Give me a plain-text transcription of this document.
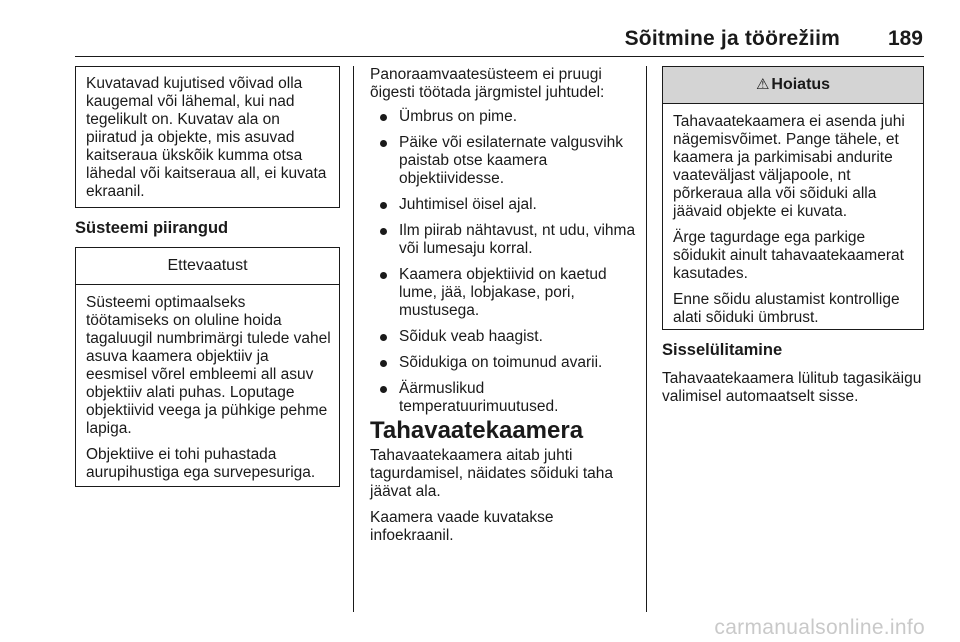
Sõitmine ja töörežiim 189

Kuvatavad kujutised võivad olla kaugemal või lähemal, kui nad tegelikult on. Kuvatav ala on piiratud ja objekte, mis asuvad kaitseraua ükskõik kumma otsa lähedal või kaitseraua all, ei kuvata ekraanil.

Süsteemi piirangud
Ettevaatust

Süsteemi optimaalseks töötamiseks on oluline hoida tagaluugil numbrimärgi tulede vahel asuva kaamera objektiiv ja eesmisel võrel embleemi all asuv objektiiv alati puhas. Loputage objektiivid veega ja pühkige pehme lapiga.

Objektiive ei tohi puhastada aurupihustiga ega survepesuriga.

Panoraamvaatesüsteem ei pruugi õigesti töötada järgmistel juhtudel:

Ümbrus on pime.
Päike või esilaternate valgusvihk paistab otse kaamera objektiividesse.
Juhtimisel öisel ajal.
Ilm piirab nähtavust, nt udu, vihma või lumesaju korral.
Kaamera objektiivid on kaetud lume, jää, lobjakase, pori, mustusega.
Sõiduk veab haagist.
Sõidukiga on toimunud avarii.
Äärmuslikud temperatuurimuutused.
Tahavaatekaamera

Tahavaatekaamera aitab juhti tagurdamisel, näidates sõiduki taha jäävat ala.

Kaamera vaade kuvatakse infoekraanil.

⚠ Hoiatus

Tahavaatekaamera ei asenda juhi nägemisvõimet. Pange tähele, et kaamera ja parkimisabi andurite vaateväljast väljapoole, nt põrkeraua alla või sõiduki alla jäävaid objekte ei kuvata.

Ärge tagurdage ega parkige sõidukit ainult tahavaatekaamerat kasutades.

Enne sõidu alustamist kontrollige alati sõiduki ümbrust.

Sisselülitamine

Tahavaatekaamera lülitub tagasikäigu valimisel automaatselt sisse.

carmanualsonline.info
